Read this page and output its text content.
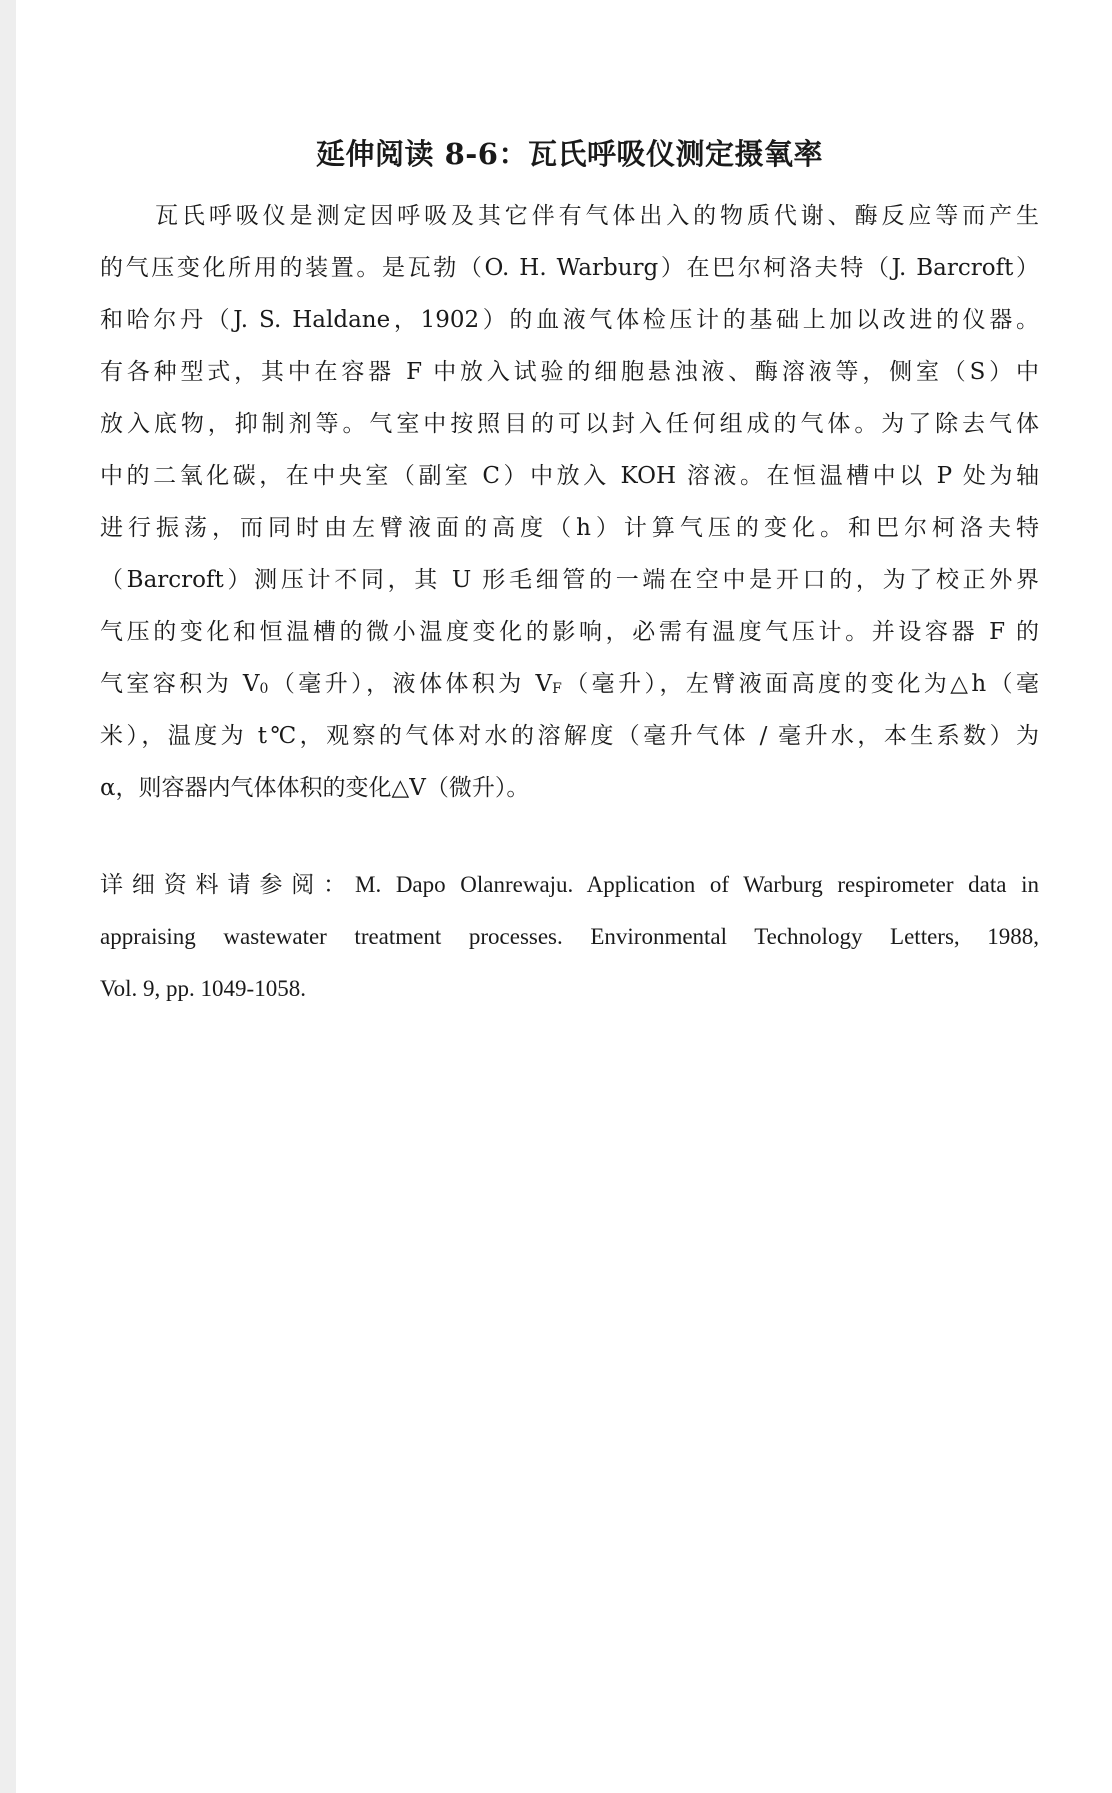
延伸阅读 8-6：瓦氏呼吸仪测定摄氧率
瓦氏呼吸仪是测定因呼吸及其它伴有气体出入的物质代谢、酶反应等而产生
的气压变化所用的装置。是瓦勃（O. H. Warburg）在巴尔柯洛夫特（J. Barcroft）
和哈尔丹（J. S. Haldane，1902）的血液气体检压计的基础上加以改进的仪器。
有各种型式，其中在容器 F 中放入试验的细胞悬浊液、酶溶液等，侧室（S）中
放入底物，抑制剂等。气室中按照目的可以封入任何组成的气体。为了除去气体
中的二氧化碳，在中央室（副室 C）中放入 KOH 溶液。在恒温槽中以 P 处为轴
进行振荡，而同时由左臂液面的高度（h）计算气压的变化。和巴尔柯洛夫特
（Barcroft）测压计不同，其 U 形毛细管的一端在空中是开口的，为了校正外界
气压的变化和恒温槽的微小温度变化的影响，必需有温度气压计。并设容器 F 的
气室容积为 $V_0$（毫升），液体体积为 $V_F$（毫升），左臂液面高度的变化为△h（毫
米），温度为 t℃，观察的气体对水的溶解度（毫升气体 / 毫升水，本生系数）为
α，则容器内气体体积的变化△V（微升）。
详细资料请参阅：M. Dapo Olanrewaju. Application of Warburg respirometer data in
appraising wastewater treatment processes. Environmental Technology Letters, 1988,
Vol. 9, pp. 1049-1058.
